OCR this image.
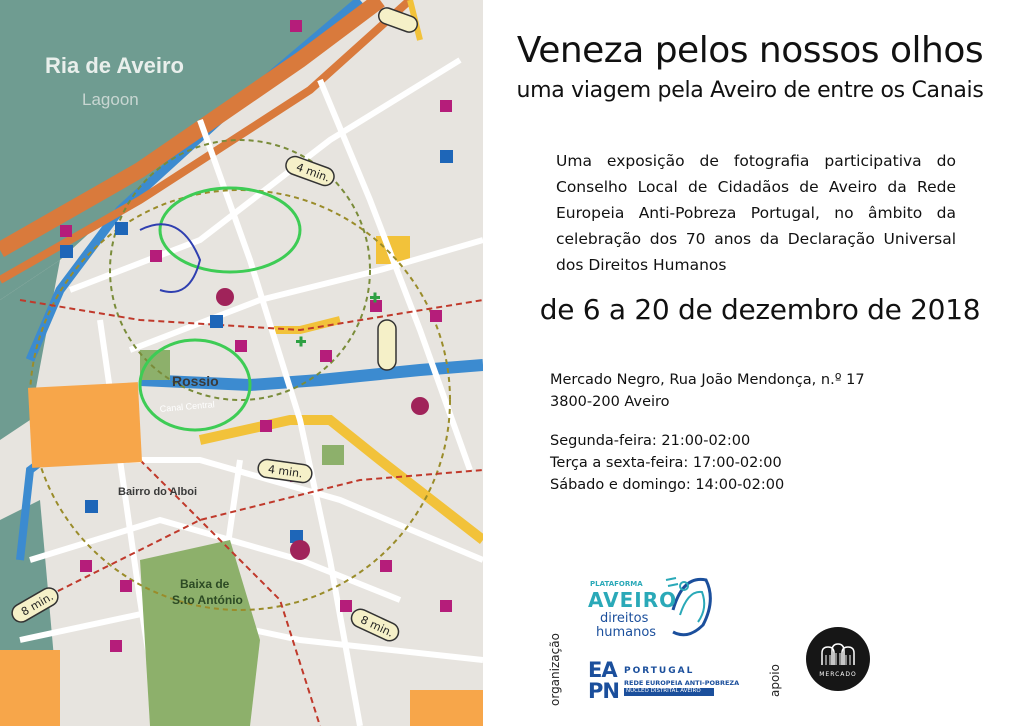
4 min.
4 min.
8 min.
8 min.
Ria de Aveiro
Lagoon
Rossio
Bairro do Alboi
Baixa de
S.to António
Canal Central
Veneza pelos nossos olhos
uma viagem pela Aveiro de entre os Canais
Uma exposição de fotografia participativa do Conselho Local de Cidadãos de Aveiro da Rede Europeia Anti-Pobreza Portugal, no âmbito da celebração dos 70 anos da Declaração Universal dos Direitos Humanos
de 6 a 20 de dezembro de 2018
Mercado Negro, Rua João Mendonça, n.º 17
3800-200 Aveiro
Segunda-feira: 21:00-02:00
Terça a sexta-feira: 17:00-02:00
Sábado e domingo: 14:00-02:00
organização	apoio
PLATAFORMA
AVEIRO
direitos
humanos
EA PN
PORTUGAL
REDE EUROPEIA ANTI-POBREZA
NÚCLEO DISTRITAL AVEIRO
MERCADO
